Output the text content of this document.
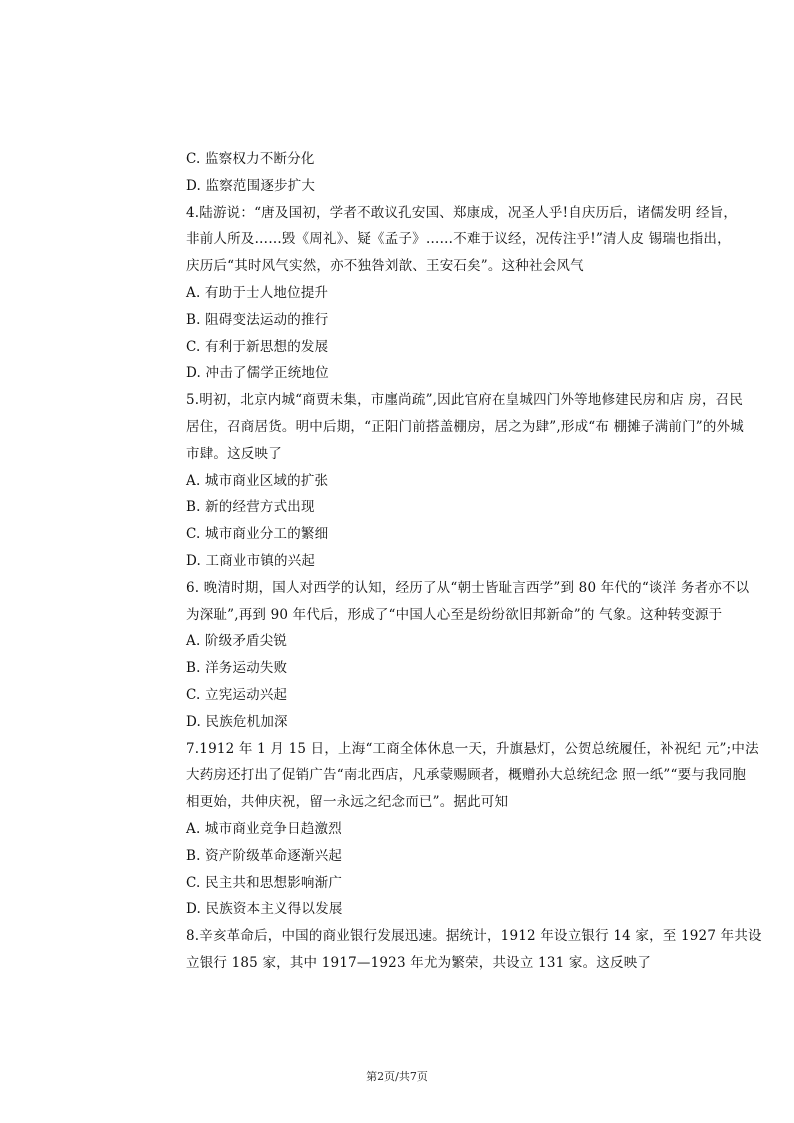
C. 监察权力不断分化
D. 监察范围逐步扩大
4.陆游说：“唐及国初，学者不敢议孔安国、郑康成，况圣人乎!自庆历后，诸儒发明 经旨，
非前人所及……毁《周礼》、疑《孟子》……不难于议经，况传注乎!”清人皮 锡瑞也指出，
庆历后“其时风气实然，亦不独咎刘歆、王安石矣”。这种社会风气
A. 有助于士人地位提升
B. 阻碍变法运动的推行
C. 有利于新思想的发展
D. 冲击了儒学正统地位
5.明初，北京内城“商贾未集，市廛尚疏”,因此官府在皇城四门外等地修建民房和店 房，召民
居住，召商居货。明中后期，“正阳门前搭盖棚房，居之为肆”,形成“布 棚摊子满前门”的外城
市肆。这反映了
A. 城市商业区域的扩张
B. 新的经营方式出现
C. 城市商业分工的繁细
D. 工商业市镇的兴起
6. 晚清时期，国人对西学的认知，经历了从“朝士皆耻言西学”到 80 年代的“谈洋 务者亦不以
为深耻”,再到 90 年代后，形成了“中国人心至是纷纷欲旧邦新命”的 气象。这种转变源于
A. 阶级矛盾尖锐
B. 洋务运动失败
C. 立宪运动兴起
D. 民族危机加深
7.1912 年 1 月 15 日，上海“工商全体休息一天，升旗悬灯，公贺总统履任，补祝纪 元”;中法
大药房还打出了促销广告“南北西店，凡承蒙赐顾者，概赠孙大总统纪念 照一纸”“要与我同胞
相更始，共伸庆祝，留一永远之纪念而已”。据此可知
A. 城市商业竞争日趋激烈
B. 资产阶级革命逐渐兴起
C. 民主共和思想影响渐广
D. 民族资本主义得以发展
8.辛亥革命后，中国的商业银行发展迅速。据统计，1912 年设立银行 14 家，至 1927 年共设
立银行 185 家，其中 1917—1923 年尤为繁荣，共设立 131 家。这反映了
第2页/共7页
